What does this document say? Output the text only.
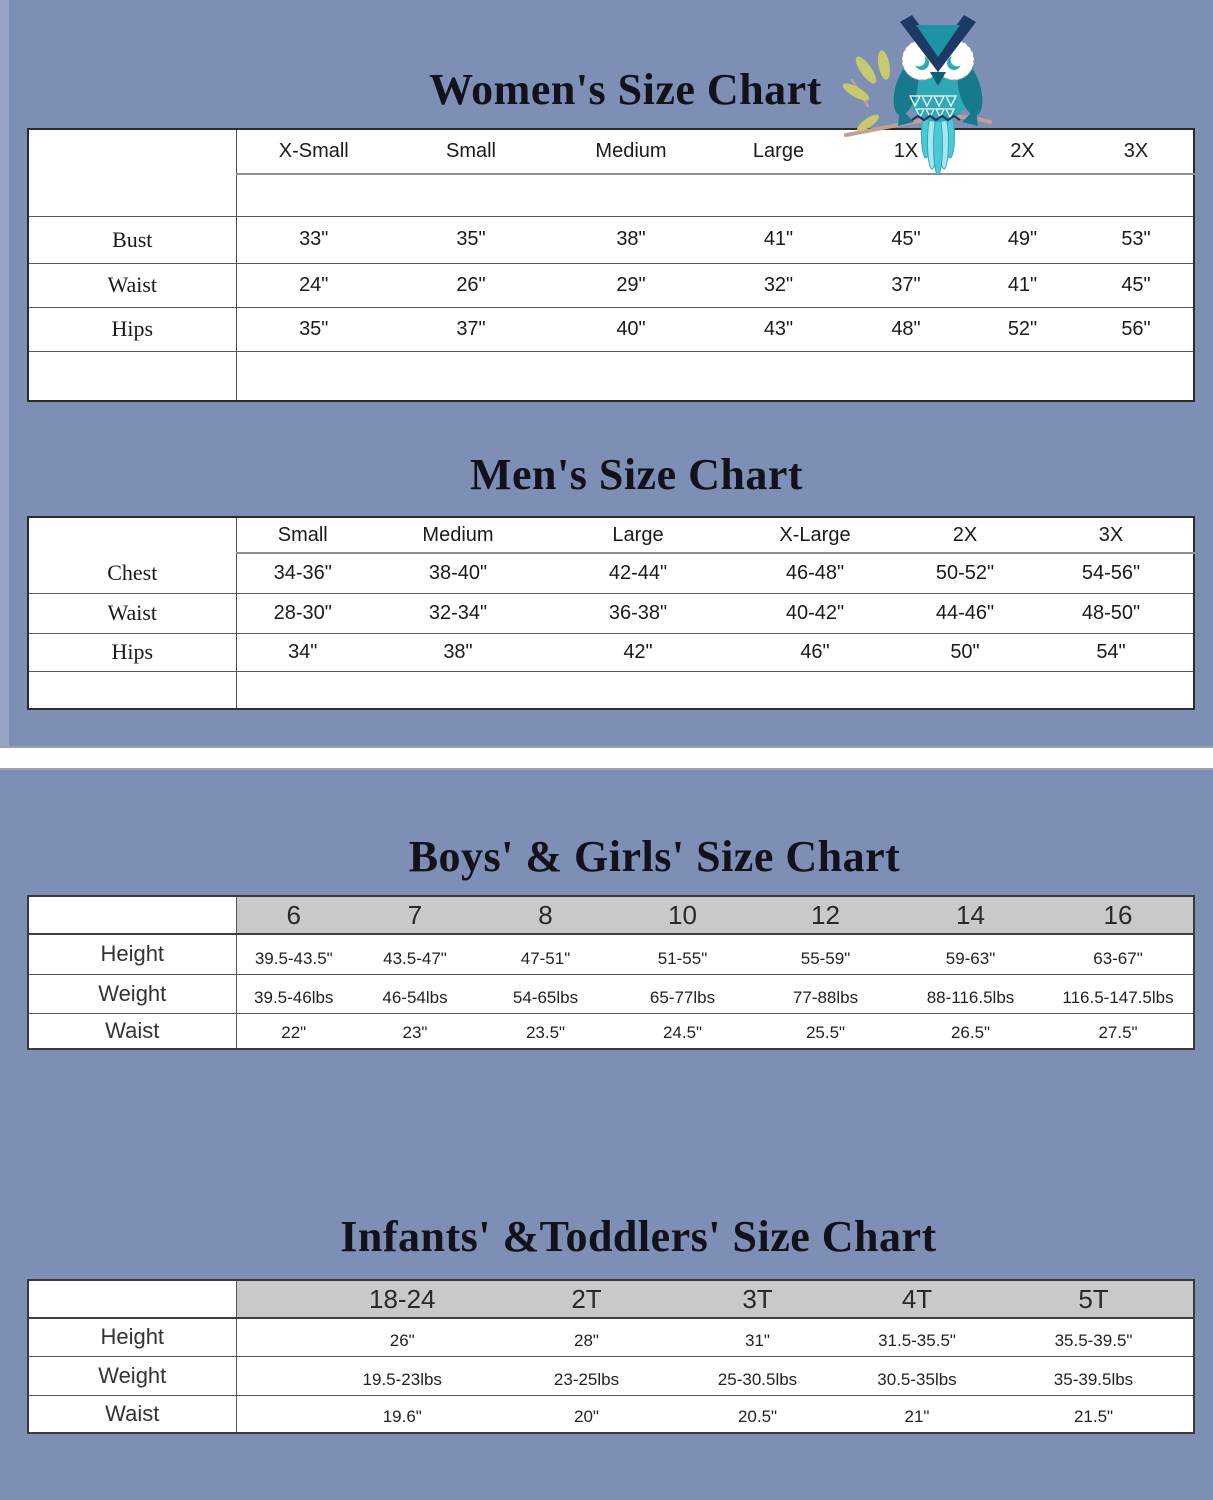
Women's Size Chart
	X-Small	Small	Medium	Large	1X	2X	3X

Bust	33"	35"	38"	41"	45"	49"	53"
Waist	24"	26"	29"	32"	37"	41"	45"
Hips	35"	37"	40"	43"	48"	52"	56"

Men's Size Chart
	Small	Medium	Large	X-Large	2X	3X
Chest	34-36"	38-40"	42-44"	46-48"	50-52"	54-56"
Waist	28-30"	32-34"	36-38"	40-42"	44-46"	48-50"
Hips	34"	38"	42"	46"	50"	54"

Boys' & Girls' Size Chart
	6	7	8	10	12	14	16
Height	39.5-43.5"	43.5-47"	47-51"	51-55"	55-59"	59-63"	63-67"
Weight	39.5-46lbs	46-54lbs	54-65lbs	65-77lbs	77-88lbs	88-116.5lbs	116.5-147.5lbs
Waist	22"	23"	23.5"	24.5"	25.5"	26.5"	27.5"
Infants' &Toddlers' Size Chart
	18-24	2T	3T	4T	5T
Height	26"	28"	31"	31.5-35.5"	35.5-39.5"
Weight	19.5-23lbs	23-25lbs	25-30.5lbs	30.5-35lbs	35-39.5lbs
Waist	19.6"	20"	20.5"	21"	21.5"
